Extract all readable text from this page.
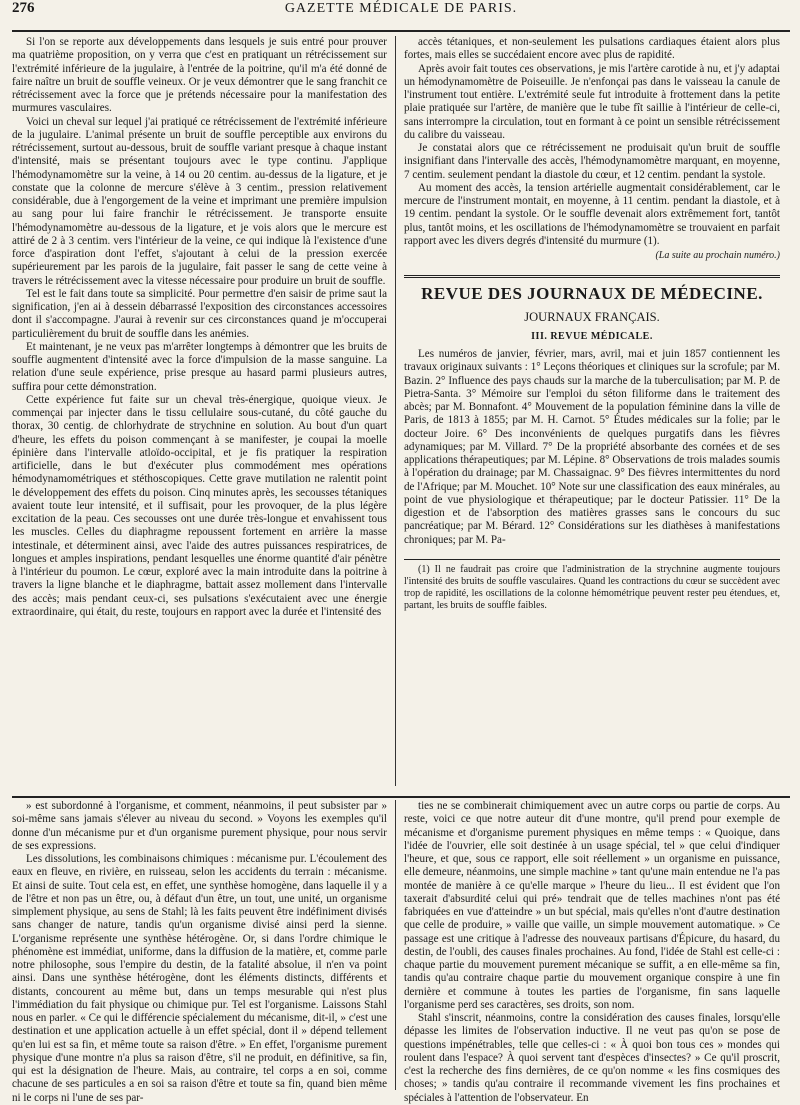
276	GAZETTE MÉDICALE DE PARIS.

Si l'on se reporte aux développements dans lesquels je suis entré pour prouver ma quatrième proposition, on y verra que c'est en pratiquant un rétrécissement sur l'extrémité inférieure de la jugulaire, à l'entrée de la poitrine, qu'il m'a été donné de faire naître un bruit de souffle veineux. Or je veux démontrer que le sang franchit ce rétrécissement avec la force que je prétends nécessaire pour la manifestation des murmures vasculaires.

Voici un cheval sur lequel j'ai pratiqué ce rétrécissement de l'extrémité inférieure de la jugulaire. L'animal présente un bruit de souffle perceptible aux environs du rétrécissement, surtout au-dessous, bruit de souffle variant presque à chaque instant d'intensité, mais se présentant toujours avec le type continu. J'applique l'hémodynamomètre sur la veine, à 14 ou 20 centim. au-dessus de la ligature, et je constate que la colonne de mercure s'élève à 3 centim., pression relativement considérable, due à l'engorgement de la veine et imprimant une première impulsion au sang pour lui faire franchir le rétrécissement. Je transporte ensuite l'hémodynamomètre au-dessous de la ligature, et je vois alors que le mercure est attiré de 2 à 3 centim. vers l'intérieur de la veine, ce qui indique là l'existence d'une force d'aspiration dont l'effet, s'ajoutant à celui de la pression exercée supérieurement par les parois de la jugulaire, fait passer le sang de cette veine à travers le rétrécissement avec la vitesse nécessaire pour produire un bruit de souffle.

Tel est le fait dans toute sa simplicité. Pour permettre d'en saisir de prime saut la signification, j'en ai à dessein débarrassé l'exposition des circonstances accessoires dont il s'accompagne. J'aurai à revenir sur ces circonstances quand je m'occuperai particulièrement du bruit de souffle dans les anémies.

Et maintenant, je ne veux pas m'arrêter longtemps à démontrer que les bruits de souffle augmentent d'intensité avec la force d'impulsion de la masse sanguine. La relation d'une seule expérience, prise presque au hasard parmi plusieurs autres, suffira pour cette démonstration.

Cette expérience fut faite sur un cheval très-énergique, quoique vieux. Je commençai par injecter dans le tissu cellulaire sous-cutané, du côté gauche du thorax, 30 centig. de chlorhydrate de strychnine en solution. Au bout d'un quart d'heure, les effets du poison commençant à se manifester, je coupai la moelle épinière dans l'intervalle atloïdo-occipital, et je fis pratiquer la respiration artificielle, dans le but d'exécuter plus commodément mes opérations hémodynamométriques et stéthoscopiques. Cette grave mutilation ne ralentit point le développement des effets du poison. Cinq minutes après, les secousses tétaniques avaient toute leur intensité, et il suffisait, pour les provoquer, de la plus légère excitation de la peau. Ces secousses ont une durée très-longue et envahissent tous les muscles. Celles du diaphragme repoussent fortement en arrière la masse intestinale, et déterminent ainsi, avec l'aide des autres puissances respiratrices, de longues et amples inspirations, pendant lesquelles une énorme quantité d'air pénètre à l'intérieur du poumon. Le cœur, exploré avec la main introduite dans la poitrine à travers la ligne blanche et le diaphragme, battait assez mollement dans l'intervalle des accès; mais pendant ceux-ci, ses pulsations s'exécutaient avec une énergie extraordinaire, qui était, du reste, toujours en rapport avec la durée et l'intensité des

accès tétaniques, et non-seulement les pulsations cardiaques étaient alors plus fortes, mais elles se succédaient encore avec plus de rapidité.

Après avoir fait toutes ces observations, je mis l'artère carotide à nu, et j'y adaptai un hémodynamomètre de Poiseuille. Je n'enfonçai pas dans le vaisseau la canule de l'instrument tout entière. L'extrémité seule fut introduite à frottement dans la petite plaie pratiquée sur l'artère, de manière que le tube fît saillie à l'intérieur de celle-ci, sans interrompre la circulation, tout en formant à ce point un sensible rétrécissement du calibre du vaisseau.

Je constatai alors que ce rétrécissement ne produisait qu'un bruit de souffle insignifiant dans l'intervalle des accès, l'hémodynamomètre marquant, en moyenne, 7 centim. seulement pendant la diastole du cœur, et 12 centim. pendant la systole.

Au moment des accès, la tension artérielle augmentait considérablement, car le mercure de l'instrument montait, en moyenne, à 11 centim. pendant la diastole, et à 19 centim. pendant la systole. Or le souffle devenait alors extrêmement fort, tantôt plus, tantôt moins, et les oscillations de l'hémodynamomètre se trouvaient en parfait rapport avec les divers degrés d'intensité du murmure (1).

(La suite au prochain numéro.)
REVUE DES JOURNAUX DE MÉDECINE.
JOURNAUX FRANÇAIS.
III. REVUE MÉDICALE.

Les numéros de janvier, février, mars, avril, mai et juin 1857 contiennent les travaux originaux suivants : 1° Leçons théoriques et cliniques sur la scrofule; par M. Bazin. 2° Influence des pays chauds sur la marche de la tuberculisation; par M. P. de Pietra-Santa. 3° Mémoire sur l'emploi du séton filiforme dans le traitement des abcès; par M. Bonnafont. 4° Mouvement de la population féminine dans la ville de Paris, de 1813 à 1855; par M. H. Carnot. 5° Études médicales sur la folie; par le docteur Joire. 6° Des inconvénients de quelques purgatifs dans les fièvres adynamiques; par M. Villard. 7° De la propriété absorbante des cornées et de ses applications thérapeutiques; par M. Lépine. 8° Observations de trois malades soumis à l'opération du drainage; par M. Chassaignac. 9° Des fièvres intermittentes du nord de l'Afrique; par M. Mouchet. 10° Note sur une classification des eaux minérales, au point de vue physiologique et thérapeutique; par le docteur Patissier. 11° De la digestion et de l'absorption des matières grasses sans le concours du suc pancréatique; par M. Bérard. 12° Considérations sur les diathèses à manifestations chroniques; par M. Pa-

(1) Il ne faudrait pas croire que l'administration de la strychnine augmente toujours l'intensité des bruits de souffle vasculaires. Quand les contractions du cœur se succèdent avec trop de rapidité, les oscillations de la colonne hémométrique peuvent rester peu étendues, et, partant, les bruits de souffle faibles.

» est subordonné à l'organisme, et comment, néanmoins, il peut subsister par » soi-même sans jamais s'élever au niveau du second. » Voyons les exemples qu'il donne d'un mécanisme pur et d'un organisme purement physique, pour nous servir de ses expressions.

Les dissolutions, les combinaisons chimiques : mécanisme pur. L'écoulement des eaux en fleuve, en rivière, en ruisseau, selon les accidents du terrain : mécanisme. Et ainsi de suite. Tout cela est, en effet, une synthèse homogène, dans laquelle il y a de l'être et non pas un être, ou, à défaut d'un être, un tout, une unité, un organisme simplement physique, au sens de Stahl; là les faits peuvent être indéfiniment divisés sans changer de nature, tandis qu'un organisme divisé ainsi perd la sienne. L'organisme représente une synthèse hétérogène. Or, si dans l'ordre chimique le phénomène est immédiat, uniforme, dans la diffusion de la matière, et, comme parle notre philosophe, sous l'empire du destin, de la fatalité absolue, il n'en va point ainsi. Dans une synthèse hétérogène, dont les éléments distincts, différents et distants, concourent au même but, dans un temps mesurable qui n'est plus l'immédiation du fait physique ou chimique pur. Tel est l'organisme. Laissons Stahl nous en parler. « Ce qui le différencie spécialement du mécanisme, dit-il, » c'est une destination et une application actuelle à un effet spécial, dont il » dépend tellement qu'en lui est sa fin, et même toute sa raison d'être. » En effet, l'organisme purement physique d'une montre n'a plus sa raison d'être, s'il ne produit, en définitive, sa fin, qui est la désignation de l'heure. Mais, au contraire, tel corps a en soi, comme chacune de ses particules a en soi sa raison d'être et toute sa fin, quand bien même ni le corps ni l'une de ses par-

ties ne se combinerait chimiquement avec un autre corps ou partie de corps. Au reste, voici ce que notre auteur dit d'une montre, qu'il prend pour exemple de mécanisme et d'organisme purement physiques en même temps : « Quoique, dans l'idée de l'ouvrier, elle soit destinée à un usage spécial, tel » que celui d'indiquer l'heure, et que, sous ce rapport, elle soit réellement » un organisme en puissance, elle demeure, néanmoins, une simple machine » tant qu'une main entendue ne l'a pas montée de manière à ce qu'elle marque » l'heure du lieu... Il est évident que l'on taxerait d'absurdité celui qui pré» tendrait que de telles machines n'ont pas été fabriquées en vue d'atteindre » un but spécial, mais qu'elles n'ont d'autre destination que celle de produire, » vaille que vaille, un simple mouvement automatique. » Ce passage est une critique à l'adresse des nouveaux partisans d'Épicure, du hasard, du destin, de l'oubli, des causes finales prochaines. Au fond, l'idée de Stahl est celle-ci : chaque partie du mouvement purement mécanique se suffit, a en elle-même sa fin, tandis qu'au contraire chaque partie du mouvement organique conspire à une fin dernière et commune à toutes les parties de l'organisme, fin sans laquelle l'organisme perd ses caractères, ses droits, son nom.

Stahl s'inscrit, néanmoins, contre la considération des causes finales, lorsqu'elle dépasse les limites de l'observation inductive. Il ne veut pas qu'on se pose de questions impénétrables, telle que celles-ci : « À quoi bon tous ces » mondes qui roulent dans l'espace? À quoi servent tant d'espèces d'insectes? » Ce qu'il proscrit, c'est la recherche des fins dernières, de ce qu'on nomme « les fins cosmiques des choses; » tandis qu'au contraire il recommande vivement les fins prochaines et spéciales à l'attention de l'observateur. En
